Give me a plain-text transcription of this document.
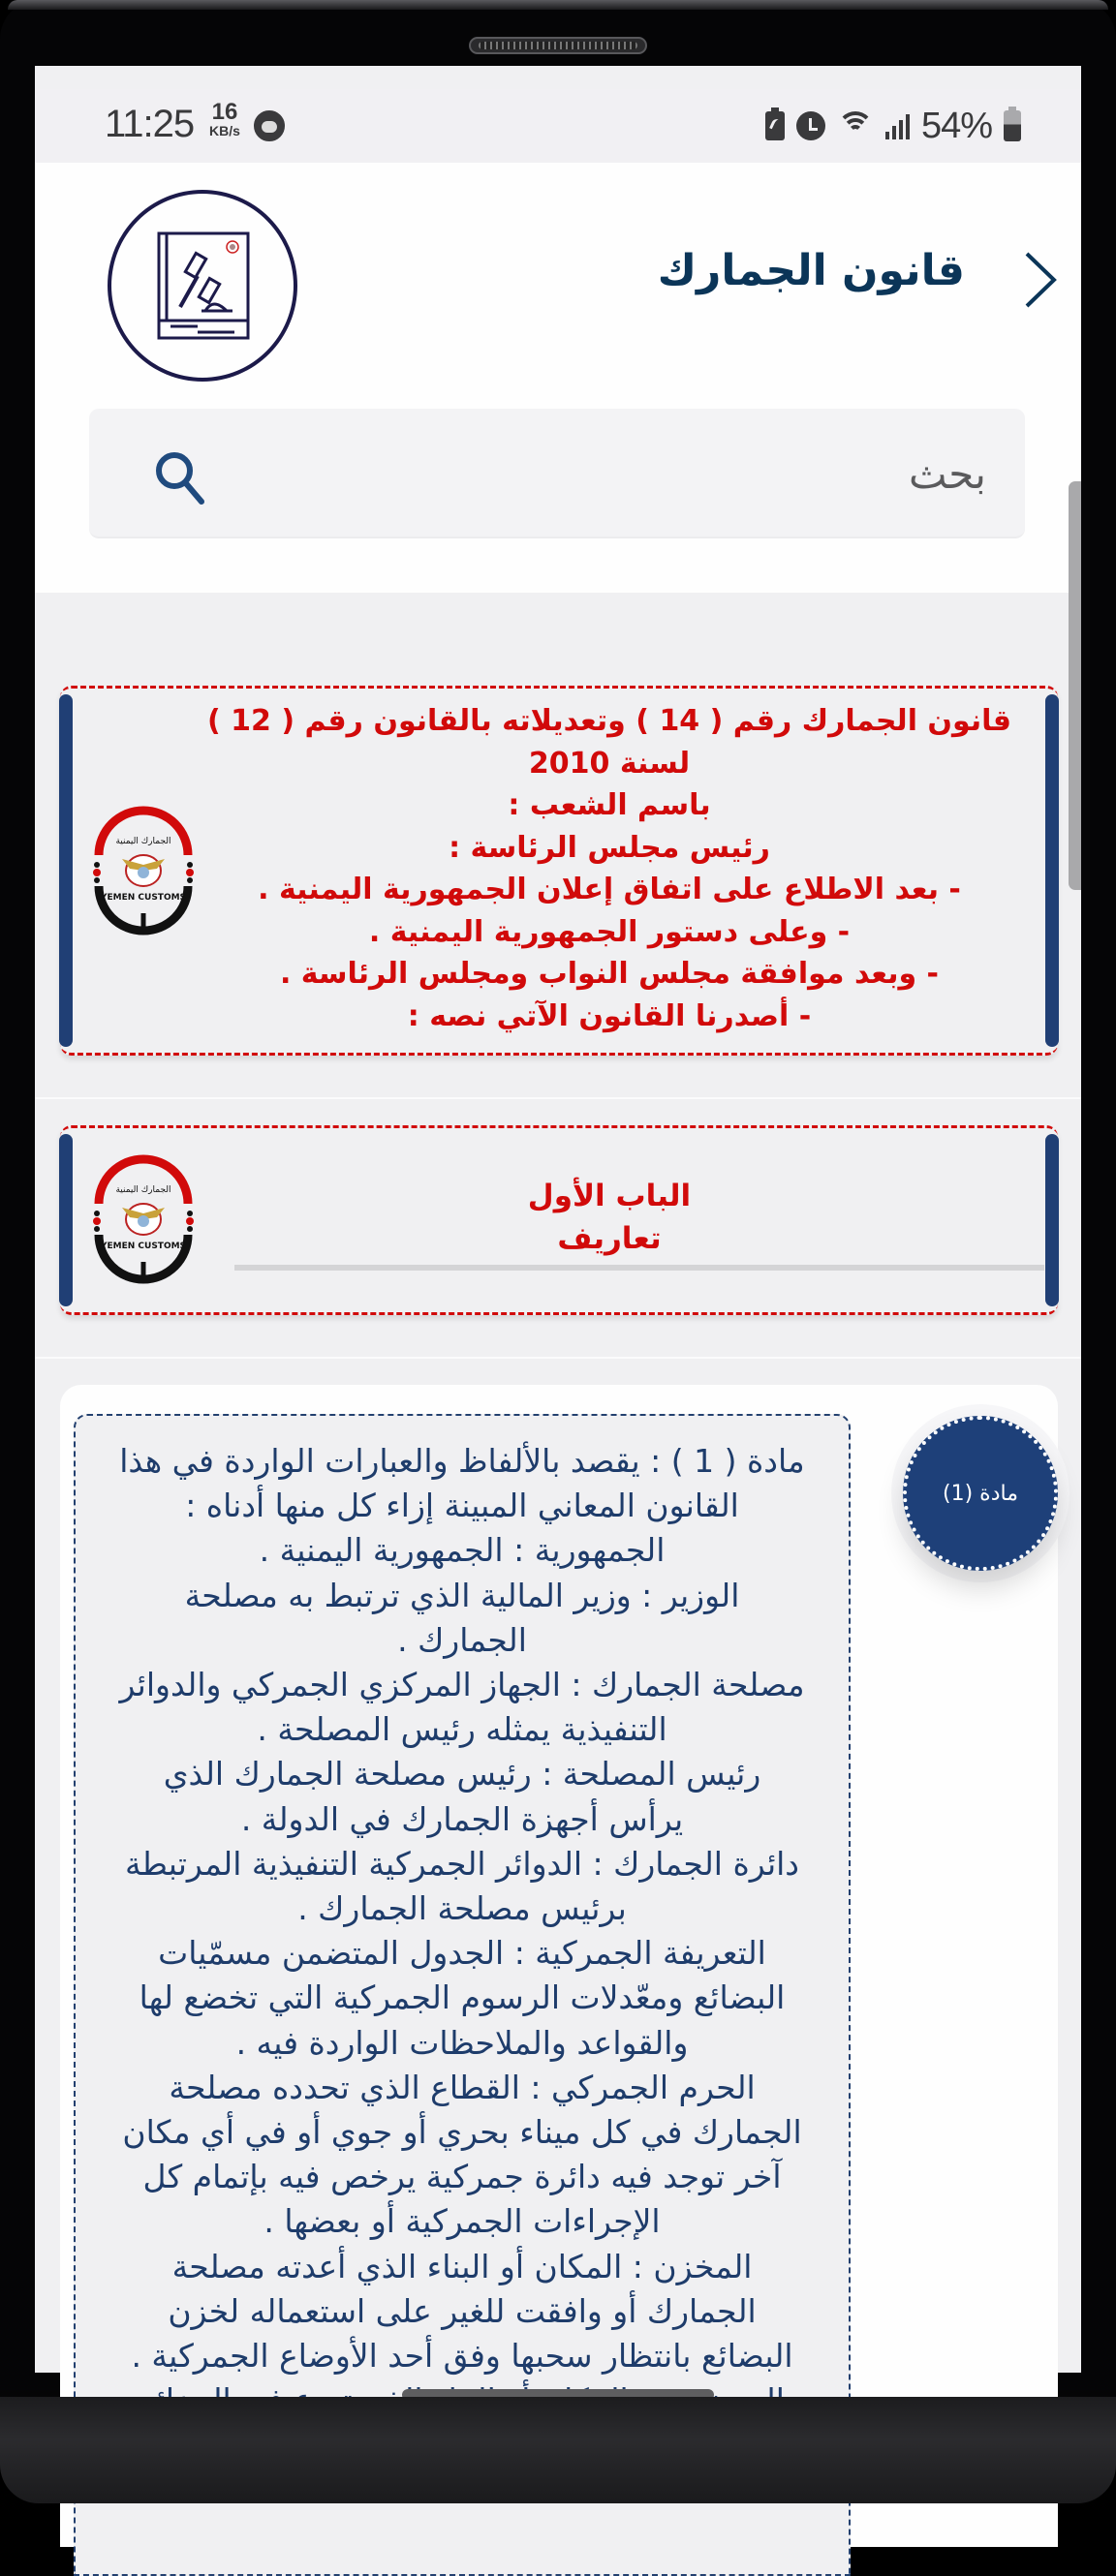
11:25 16
KB/s	54%
قانون الجمارك
بحث
الجمارك اليمنية
YEMEN CUSTOMS
قانون الجمارك رقم ( 14 ) وتعديلاته بالقانون رقم ( 12 )
لسنة 2010
باسم الشعب :
رئيس مجلس الرئاسة :
- بعد الاطلاع على اتفاق إعلان الجمهورية اليمنية .
- وعلى دستور الجمهورية اليمنية .
- وبعد موافقة مجلس النواب ومجلس الرئاسة .
- أصدرنا القانون الآتي نصه :
الجمارك اليمنية
YEMEN CUSTOMS
الباب الأول
تعاريف
مادة ( 1 ) : يقصد بالألفاظ والعبارات الواردة في هذا
القانون المعاني المبينة إزاء كل منها أدناه :
الجمهورية : الجمهورية اليمنية .
الوزير : وزير المالية الذي ترتبط به مصلحة
الجمارك .
مصلحة الجمارك : الجهاز المركزي الجمركي والدوائر
التنفيذية يمثله رئيس المصلحة .
رئيس المصلحة : رئيس مصلحة الجمارك الذي
يرأس أجهزة الجمارك في الدولة .
دائرة الجمارك : الدوائر الجمركية التنفيذية المرتبطة
برئيس مصلحة الجمارك .
التعريفة الجمركية : الجدول المتضمن مسمّيات
البضائع ومعّدلات الرسوم الجمركية التي تخضع لها
والقواعد والملاحظات الواردة فيه .
الحرم الجمركي : القطاع الذي تحدده مصلحة
الجمارك في كل ميناء بحري أو جوي أو في أي مكان
آخر توجد فيه دائرة جمركية يرخص فيه بإتمام كل
الإجراءات الجمركية أو بعضها .
المخزن : المكان أو البناء الذي أعدته مصلحة
الجمارك أو وافقت للغير على استعماله لخزن
البضائع بانتظار سحبها وفق أحد الأوضاع الجمركية .
مادة (1)
